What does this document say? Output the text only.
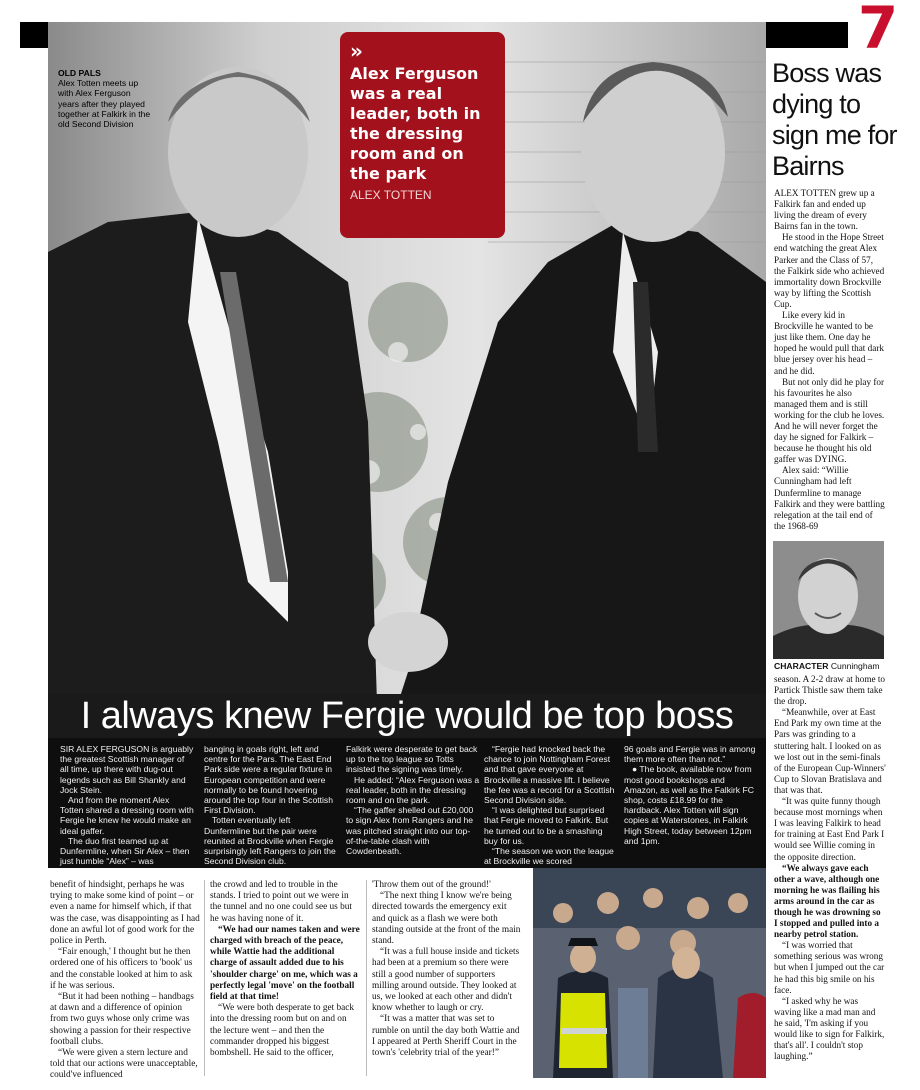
7
OLD PALS
Alex Totten meets up with Alex Ferguson years after they played together at Falkirk in the old Second Division
»
Alex Ferguson was a real leader, both in the dressing room and on the park
ALEX TOTTEN
I always knew Fergie would be top boss

SIR ALEX FERGUSON is arguably the greatest Scottish manager of all time, up there with dug-out legends such as Bill Shankly and Jock Stein.

And from the moment Alex Totten shared a dressing room with Fergie he knew he would make an ideal gaffer.

The duo first teamed up at Dunfermline, when Sir Alex – then just humble “Alex” – was

banging in goals right, left and centre for the Pars. The East End Park side were a regular fixture in European competition and were normally to be found hovering around the top four in the Scottish First Division.

Totten eventually left Dunfermline but the pair were reunited at Brockville when Fergie surprisingly left Rangers to join the Second Division club.

Falkirk were desperate to get back up to the top league so Totts insisted the signing was timely.

He added: “Alex Ferguson was a real leader, both in the dressing room and on the park.

“The gaffer shelled out £20,000 to sign Alex from Rangers and he was pitched straight into our top-of-the-table clash with Cowdenbeath.

“Fergie had knocked back the chance to join Nottingham Forest and that gave everyone at Brockville a massive lift. I believe the fee was a record for a Scottish Second Division side.

“I was delighted but surprised that Fergie moved to Falkirk. But he turned out to be a smashing buy for us.

“The season we won the league at Brockville we scored

96 goals and Fergie was in among them more often than not.”

● The book, available now from most good bookshops and Amazon, as well as the Falkirk FC shop, costs £18.99 for the hardback. Alex Totten will sign copies at Waterstones, in Falkirk High Street, today between 12pm and 1pm.

Boss was dying to sign me for Bairns

ALEX TOTTEN grew up a Falkirk fan and ended up living the dream of every Bairns fan in the town.

He stood in the Hope Street end watching the great Alex Parker and the Class of 57, the Falkirk side who achieved immortality down Brockville way by lifting the Scottish Cup.

Like every kid in Brockville he wanted to be just like them. One day he hoped he would pull that dark blue jersey over his head – and he did.

But not only did he play for his favourites he also managed them and is still working for the club he loves. And he will never forget the day he signed for Falkirk – because he thought his old gaffer was DYING.

Alex said: “Willie Cunningham had left Dunfermline to manage Falkirk and they were battling relegation at the tail end of the 1968-69

CHARACTER Cunningham

season. A 2-2 draw at home to Partick Thistle saw them take the drop.

“Meanwhile, over at East End Park my own time at the Pars was grinding to a stuttering halt. I looked on as we lost out in the semi-finals of the European Cup-Winners' Cup to Slovan Bratislava and that was that.

“It was quite funny though because most mornings when I was leaving Falkirk to head for training at East End Park I would see Willie coming in the opposite direction.

“We always gave each other a wave, although one morning he was flailing his arms around in the car as though he was drowning so I stopped and pulled into a nearby petrol station.

“I was worried that something serious was wrong but when I jumped out the car he had this big smile on his face.

“I asked why he was waving like a mad man and he said, 'I'm asking if you would like to sign for Falkirk, that's all'. I couldn't stop laughing.”

benefit of hindsight, perhaps he was trying to make some kind of point – or even a name for himself which, if that was the case, was disappointing as I had done an awful lot of good work for the police in Perth.

“Fair enough,' I thought but he then ordered one of his officers to 'book' us and the constable looked at him to ask if he was serious.

“But it had been nothing – handbags at dawn and a difference of opinion from two guys whose only crime was showing a passion for their respective football clubs.

“We were given a stern lecture and told that our actions were unacceptable, could've influenced

the crowd and led to trouble in the stands. I tried to point out we were in the tunnel and no one could see us but he was having none of it.

“We had our names taken and were charged with breach of the peace, while Wattie had the additional charge of assault added due to his 'shoulder charge' on me, which was a perfectly legal 'move' on the football field at that time!

“We were both desperate to get back into the dressing room but on and on the lecture went – and then the commander dropped his biggest bombshell. He said to the officer,

'Throw them out of the ground!'

“The next thing I know we're being directed towards the emergency exit and quick as a flash we were both standing outside at the front of the main stand.

“It was a full house inside and tickets had been at a premium so there were still a good number of supporters milling around outside. They looked at us, we looked at each other and didn't know whether to laugh or cry.

“It was a matter that was set to rumble on until the day both Wattie and I appeared at Perth Sheriff Court in the town's 'celebrity trial of the year!”
